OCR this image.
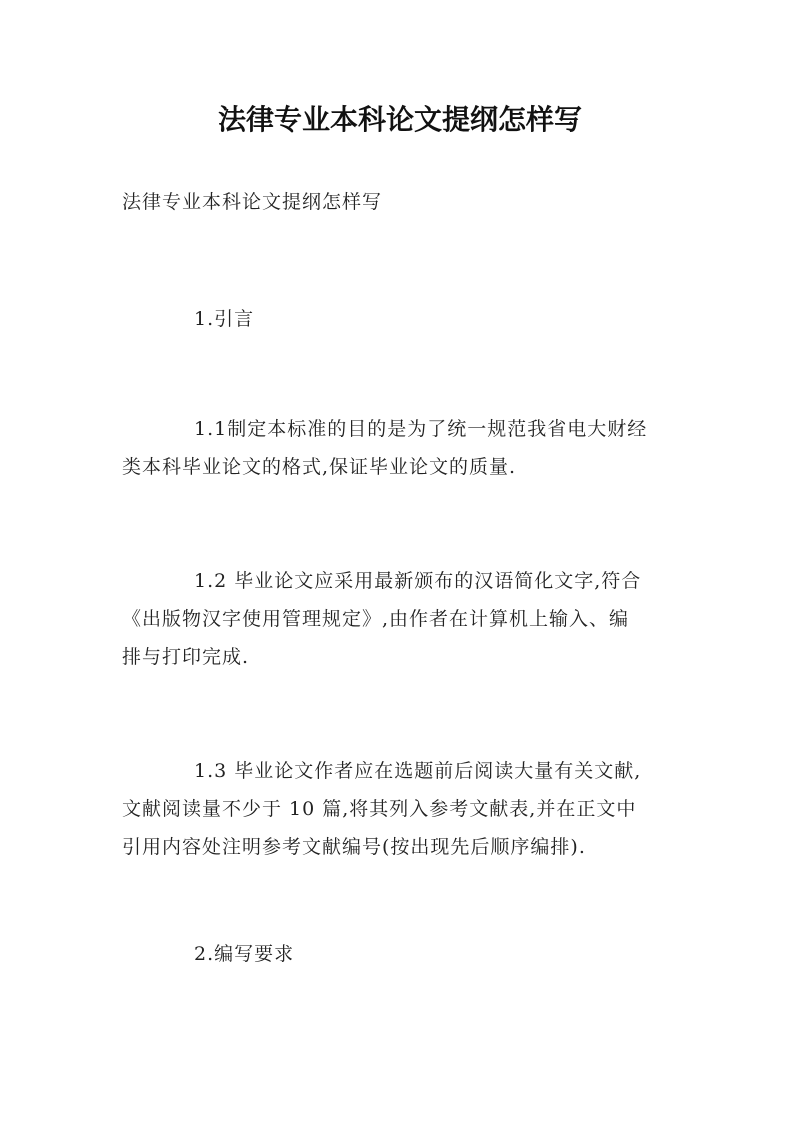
法律专业本科论文提纲怎样写
法律专业本科论文提纲怎样写
1.引言
1.1制定本标准的目的是为了统一规范我省电大财经
类本科毕业论文的格式,保证毕业论文的质量.
1.2 毕业论文应采用最新颁布的汉语简化文字,符合
《出版物汉字使用管理规定》,由作者在计算机上输入、编
排与打印完成.
1.3 毕业论文作者应在选题前后阅读大量有关文献,
文献阅读量不少于 10 篇,将其列入参考文献表,并在正文中
引用内容处注明参考文献编号(按出现先后顺序编排).
2.编写要求
